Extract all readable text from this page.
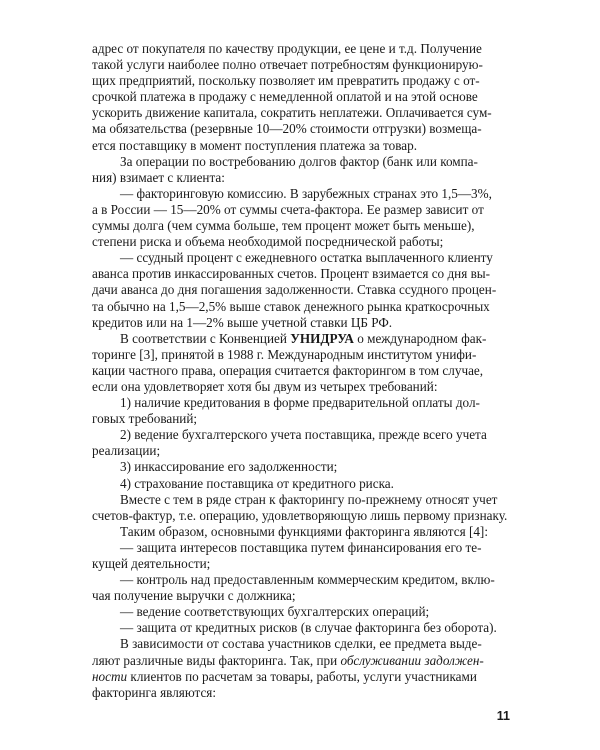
адрес от покупателя по качеству продукции, ее цене и т.д. Получение
такой услуги наиболее полно отвечает потребностям функционирую-
щих предприятий, поскольку позволяет им превратить продажу с от-
срочкой платежа в продажу с немедленной оплатой и на этой основе
ускорить движение капитала, сократить неплатежи. Оплачивается сум-
ма обязательства (резервные 10—20% стоимости отгрузки) возмеща-
ется поставщику в момент поступления платежа за товар.

За операции по востребованию долгов фактор (банк или компа-
ния) взимает с клиента:

— факторинговую комиссию. В зарубежных странах это 1,5—3%,
а в России — 15—20% от суммы счета-фактора. Ее размер зависит от
суммы долга (чем сумма больше, тем процент может быть меньше),
степени риска и объема необходимой посреднической работы;

— ссудный процент с ежедневного остатка выплаченного клиенту
аванса против инкассированных счетов. Процент взимается со дня вы-
дачи аванса до дня погашения задолженности. Ставка ссудного процен-
та обычно на 1,5—2,5% выше ставок денежного рынка краткосрочных
кредитов или на 1—2% выше учетной ставки ЦБ РФ.

В соответствии с Конвенцией УНИДРУА о международном фак-
торинге [3], принятой в 1988 г. Международным институтом унифи-
кации частного права, операция считается факторингом в том случае,
если она удовлетворяет хотя бы двум из четырех требований:

1) наличие кредитования в форме предварительной оплаты дол-
говых требований;

2) ведение бухгалтерского учета поставщика, прежде всего учета
реализации;

3) инкассирование его задолженности;

4) страхование поставщика от кредитного риска.

Вместе с тем в ряде стран к факторингу по-прежнему относят учет
счетов-фактур, т.е. операцию, удовлетворяющую лишь первому признаку.

Таким образом, основными функциями факторинга являются [4]:

— защита интересов поставщика путем финансирования его те-
кущей деятельности;

— контроль над предоставленным коммерческим кредитом, вклю-
чая получение выручки с должника;

— ведение соответствующих бухгалтерских операций;

— защита от кредитных рисков (в случае факторинга без оборота).

В зависимости от состава участников сделки, ее предмета выде-
ляют различные виды факторинга. Так, при обслуживании задолжен-
ности клиентов по расчетам за товары, работы, услуги участниками
факторинга являются:

11
